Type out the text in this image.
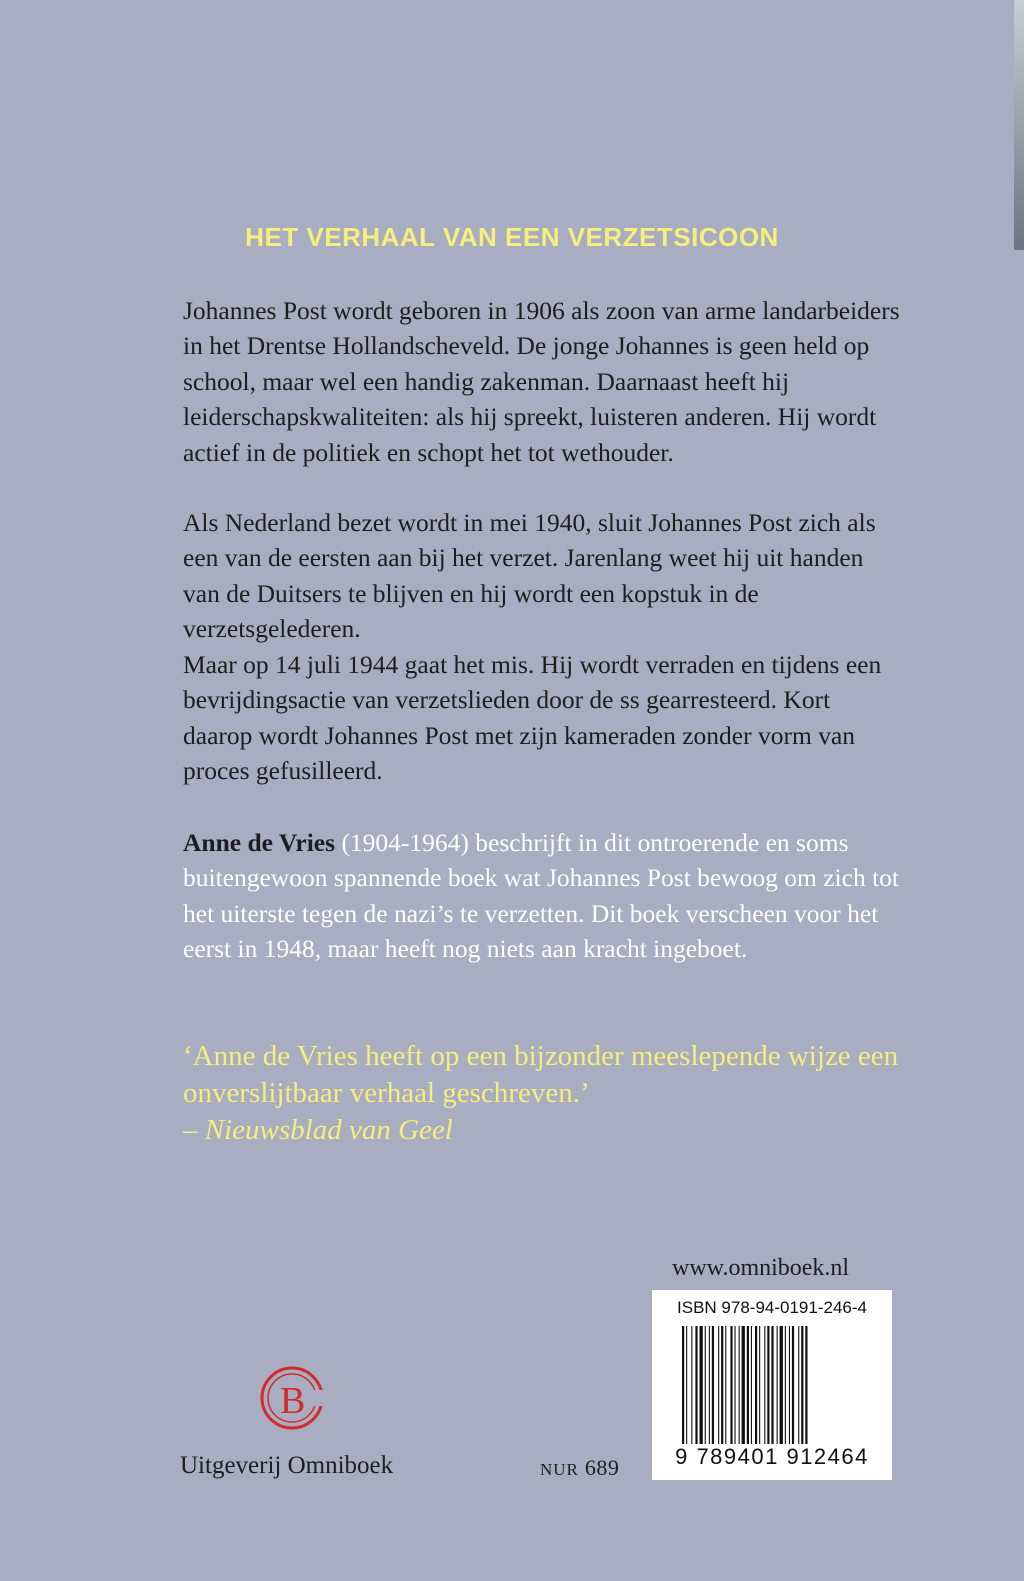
HET VERHAAL VAN EEN VERZETSICOON

Johannes Post wordt geboren in 1906 als zoon van arme landarbeiders in het Drentse Hollandscheveld. De jonge Johannes is geen held op school, maar wel een handig zakenman. Daarnaast heeft hij leiderschapskwaliteiten: als hij spreekt, luisteren anderen. Hij wordt actief in de politiek en schopt het tot wethouder.

Als Nederland bezet wordt in mei 1940, sluit Johannes Post zich als een van de eersten aan bij het verzet. Jarenlang weet hij uit handen van de Duitsers te blijven en hij wordt een kopstuk in de verzetsgelederen.

Maar op 14 juli 1944 gaat het mis. Hij wordt verraden en tijdens een bevrijdingsactie van verzetslieden door de ss gearresteerd. Kort daarop wordt Johannes Post met zijn kameraden zonder vorm van proces gefusilleerd.

Anne de Vries (1904-1964) beschrijft in dit ontroerende en soms buitengewoon spannende boek wat Johannes Post bewoog om zich tot het uiterste tegen de nazi’s te verzetten. Dit boek verscheen voor het eerst in 1948, maar heeft nog niets aan kracht ingeboet.

‘Anne de Vries heeft op een bijzonder meeslepende wijze een onverslijtbaar verhaal geschreven.’
– Nieuwsblad van Geel

www.omniboek.nl
ISBN 978-94-0191-246-4
9 789401 912464
B
Uitgeverij Omniboek	NUR 689
